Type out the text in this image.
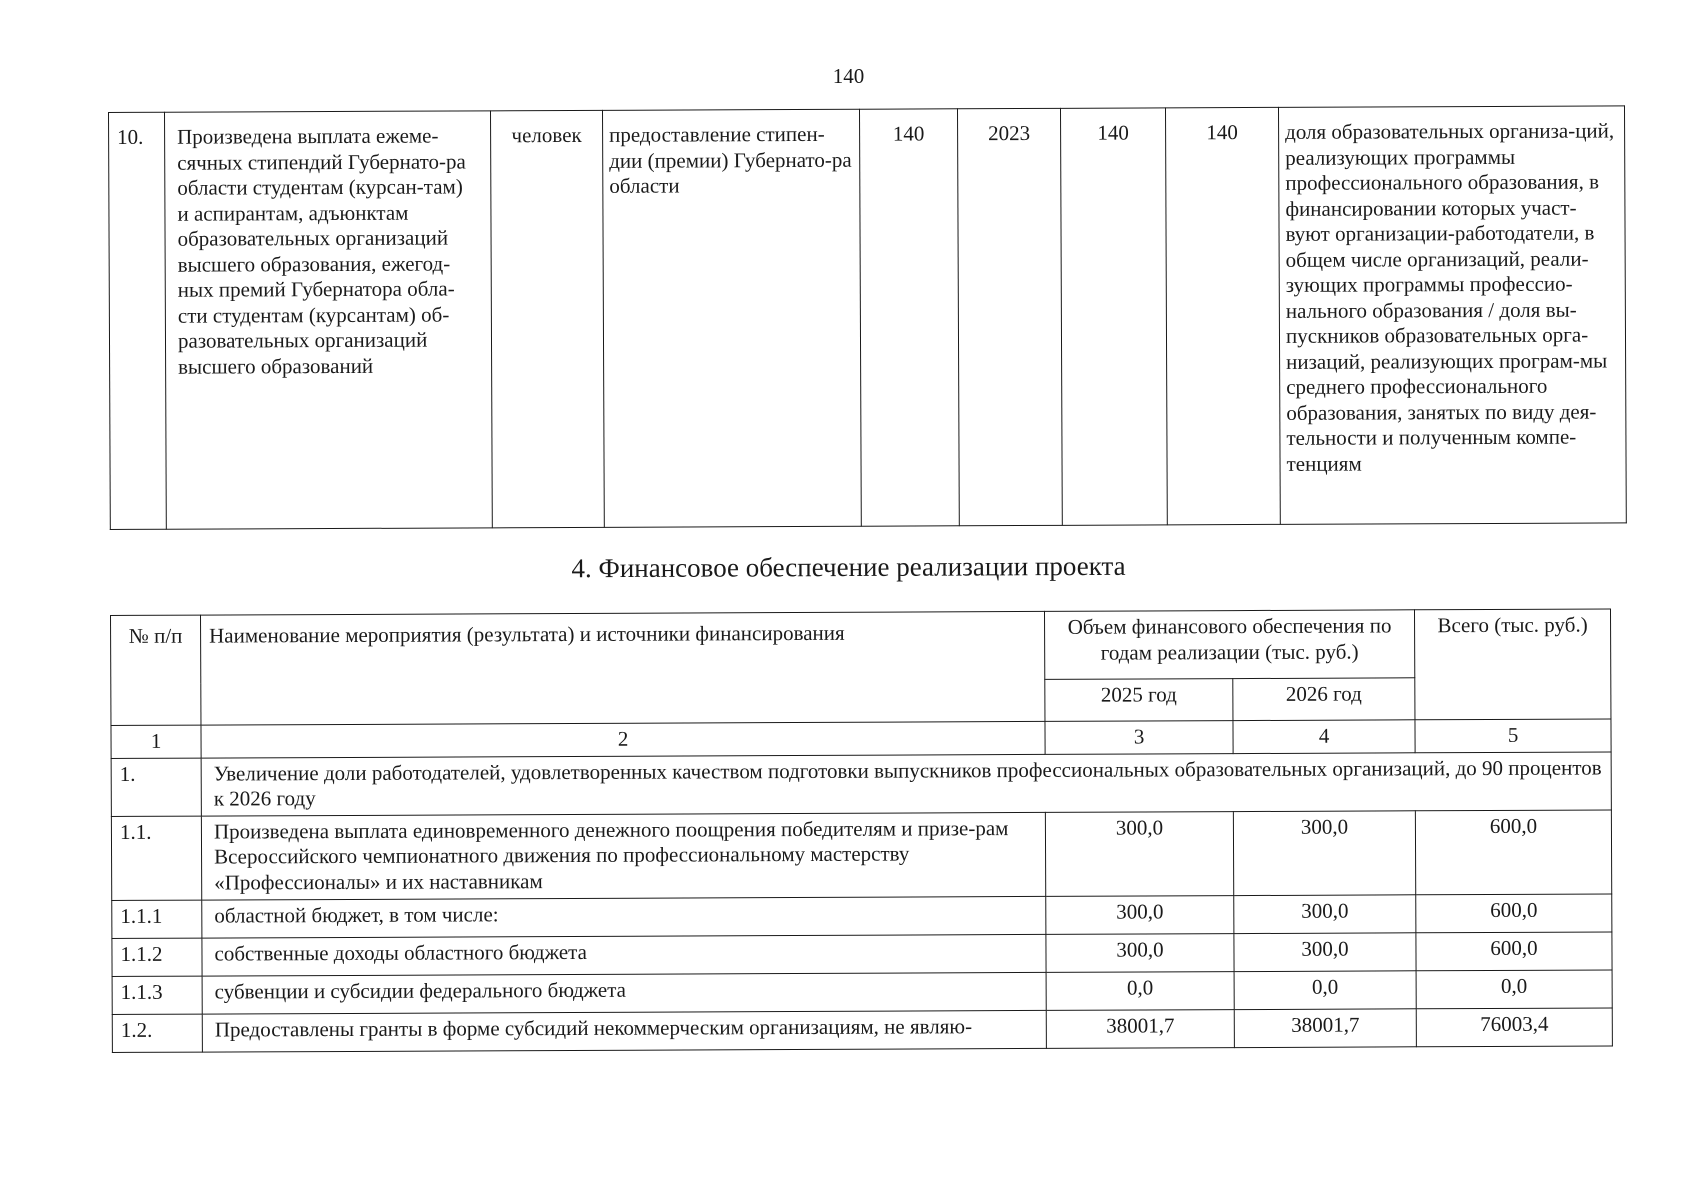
140
10.	Произведена выплата ежеме-сячных стипендий Губернато-ра области студентам (курсан-там) и аспирантам, адъюнктам образовательных организаций высшего образования, ежегод-ных премий Губернатора обла-сти студентам (курсантам) об-разовательных организаций высшего образований	человек	предоставление стипен-дии (премии) Губернато-ра области	140	2023	140	140	доля образовательных организа-ций, реализующих программы профессионального образования, в финансировании которых участ-вуют организации-работодатели, в общем числе организаций, реали-зующих программы профессио-нального образования / доля вы-пускников образовательных орга-низаций, реализующих програм-мы среднего профессионального образования, занятых по виду дея-тельности и полученным компе-тенциям
4. Финансовое обеспечение реализации проекта
№ п/п	Наименование мероприятия (результата) и источники финансирования	Объем финансового обеспечения по годам реализации (тыс. руб.)		Всего (тыс. руб.)
		2025 год	2026 год	
1	2	3	4	5
1.	Увеличение доли работодателей, удовлетворенных качеством подготовки выпускников профессиональных образовательных организаций, до 90 процентов к 2026 году			
1.1.	Произведена выплата единовременного денежного поощрения победителям и призе-рам Всероссийского чемпионатного движения по профессиональному мастерству «Профессионалы» и их наставникам	300,0	300,0	600,0
1.1.1	областной бюджет, в том числе:	300,0	300,0	600,0
1.1.2	собственные доходы областного бюджета	300,0	300,0	600,0
1.1.3	субвенции и субсидии федерального бюджета	0,0	0,0	0,0
1.2.	Предоставлены гранты в форме субсидий некоммерческим организациям, не являю-	38001,7	38001,7	76003,4
